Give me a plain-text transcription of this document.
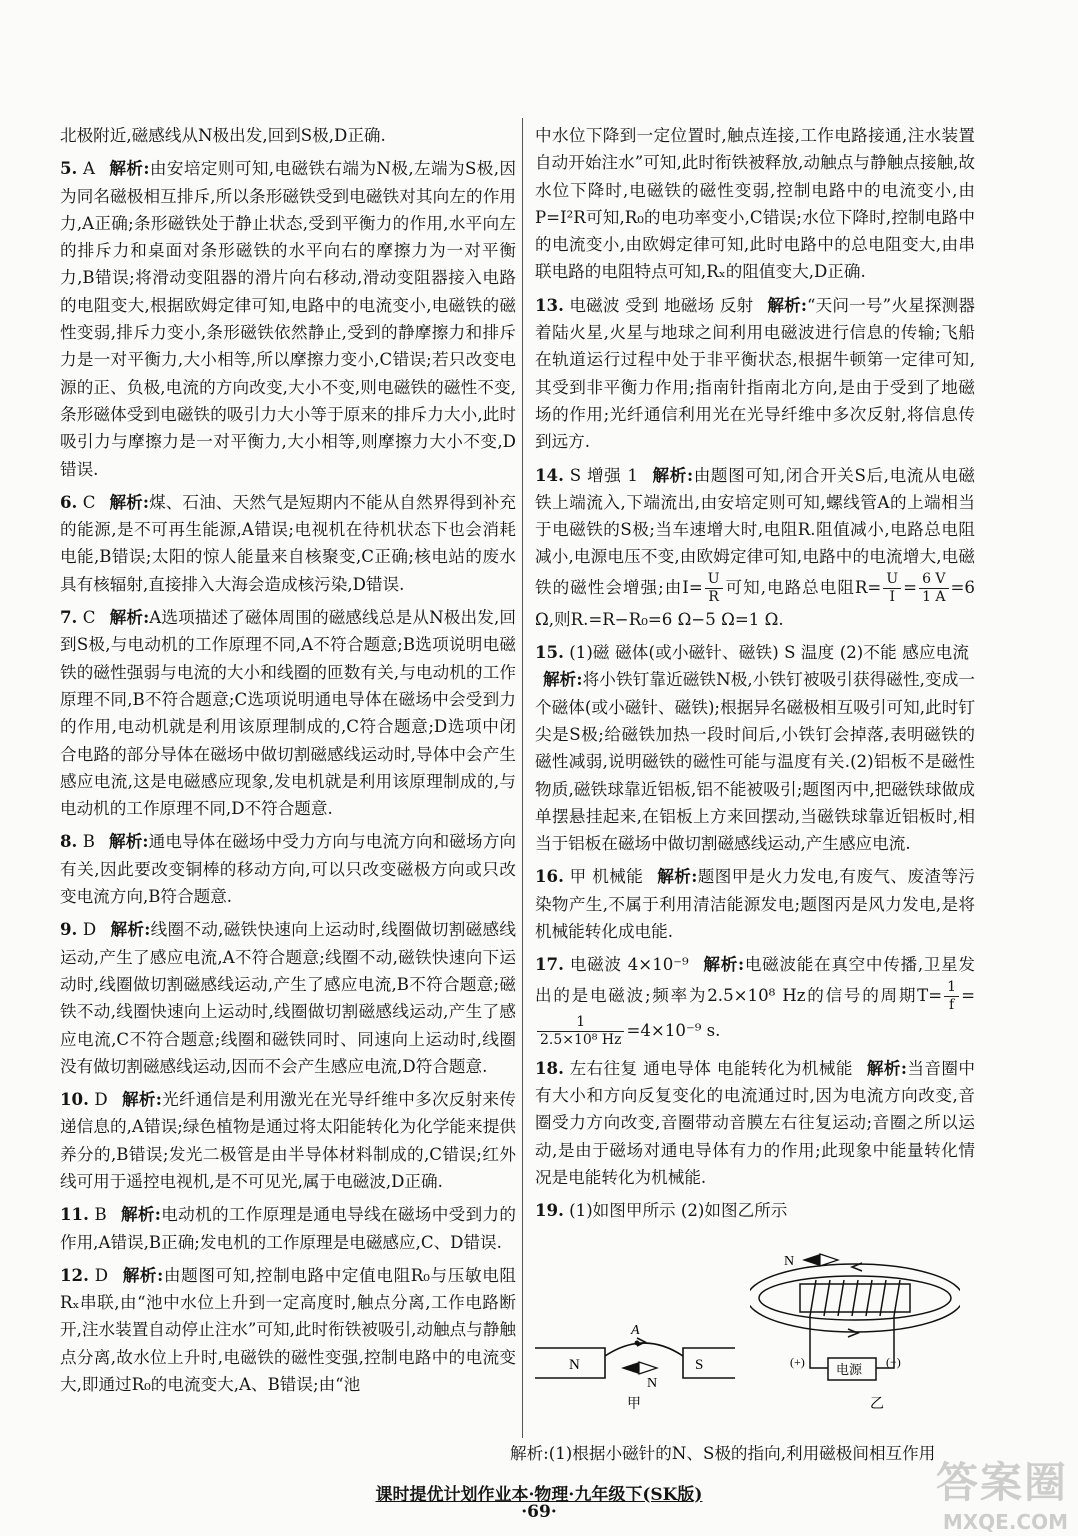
北极附近,磁感线从N极出发,回到S极,D正确.

5. A 解析:由安培定则可知,电磁铁右端为N极,左端为S极,因为同名磁极相互排斥,所以条形磁铁受到电磁铁对其向左的作用力,A正确;条形磁铁处于静止状态,受到平衡力的作用,水平向左的排斥力和桌面对条形磁铁的水平向右的摩擦力为一对平衡力,B错误;将滑动变阻器的滑片向右移动,滑动变阻器接入电路的电阻变大,根据欧姆定律可知,电路中的电流变小,电磁铁的磁性变弱,排斥力变小,条形磁铁依然静止,受到的静摩擦力和排斥力是一对平衡力,大小相等,所以摩擦力变小,C错误;若只改变电源的正、负极,电流的方向改变,大小不变,则电磁铁的磁性不变,条形磁体受到电磁铁的吸引力大小等于原来的排斥力大小,此时吸引力与摩擦力是一对平衡力,大小相等,则摩擦力大小不变,D错误.

6. C 解析:煤、石油、天然气是短期内不能从自然界得到补充的能源,是不可再生能源,A错误;电视机在待机状态下也会消耗电能,B错误;太阳的惊人能量来自核聚变,C正确;核电站的废水具有核辐射,直接排入大海会造成核污染,D错误.

7. C 解析:A选项描述了磁体周围的磁感线总是从N极出发,回到S极,与电动机的工作原理不同,A不符合题意;B选项说明电磁铁的磁性强弱与电流的大小和线圈的匝数有关,与电动机的工作原理不同,B不符合题意;C选项说明通电导体在磁场中会受到力的作用,电动机就是利用该原理制成的,C符合题意;D选项中闭合电路的部分导体在磁场中做切割磁感线运动时,导体中会产生感应电流,这是电磁感应现象,发电机就是利用该原理制成的,与电动机的工作原理不同,D不符合题意.

8. B 解析:通电导体在磁场中受力方向与电流方向和磁场方向有关,因此要改变铜棒的移动方向,可以只改变磁极方向或只改变电流方向,B符合题意.

9. D 解析:线圈不动,磁铁快速向上运动时,线圈做切割磁感线运动,产生了感应电流,A不符合题意;线圈不动,磁铁快速向下运动时,线圈做切割磁感线运动,产生了感应电流,B不符合题意;磁铁不动,线圈快速向上运动时,线圈做切割磁感线运动,产生了感应电流,C不符合题意;线圈和磁铁同时、同速向上运动时,线圈没有做切割磁感线运动,因而不会产生感应电流,D符合题意.

10. D 解析:光纤通信是利用激光在光导纤维中多次反射来传递信息的,A错误;绿色植物是通过将太阳能转化为化学能来提供养分的,B错误;发光二极管是由半导体材料制成的,C错误;红外线可用于遥控电视机,是不可见光,属于电磁波,D正确.

11. B 解析:电动机的工作原理是通电导线在磁场中受到力的作用,A错误,B正确;发电机的工作原理是电磁感应,C、D错误.

12. D 解析:由题图可知,控制电路中定值电阻R₀与压敏电阻Rₓ串联,由“池中水位上升到一定高度时,触点分离,工作电路断开,注水装置自动停止注水”可知,此时衔铁被吸引,动触点与静触点分离,故水位上升时,电磁铁的磁性变强,控制电路中的电流变大,即通过R₀的电流变大,A、B错误;由“池

中水位下降到一定位置时,触点连接,工作电路接通,注水装置自动开始注水”可知,此时衔铁被释放,动触点与静触点接触,故水位下降时,电磁铁的磁性变弱,控制电路中的电流变小,由P=I²R可知,R₀的电功率变小,C错误;水位下降时,控制电路中的电流变小,由欧姆定律可知,此时电路中的总电阻变大,由串联电路的电阻特点可知,Rₓ的阻值变大,D正确.

13. 电磁波 受到 地磁场 反射 解析:“天问一号”火星探测器着陆火星,火星与地球之间利用电磁波进行信息的传输;飞船在轨道运行过程中处于非平衡状态,根据牛顿第一定律可知,其受到非平衡力作用;指南针指南北方向,是由于受到了地磁场的作用;光纤通信利用光在光导纤维中多次反射,将信息传到远方.

14. S 增强 1 解析:由题图可知,闭合开关S后,电流从电磁铁上端流入,下端流出,由安培定则可知,螺线管A的上端相当于电磁铁的S极;当车速增大时,电阻R.阻值减小,电路总电阻减小,电源电压不变,由欧姆定律可知,电路中的电流增大,电磁铁的磁性会增强;由$I= \frac{U}{R}$ 可知,电路总电阻$R= \frac{U}{I} = \frac{6 V}{1 A} =6$ Ω,则R.=R−R₀=6 Ω−5 Ω=1 Ω.

15. (1)磁 磁体(或小磁针、磁铁) S 温度 (2)不能 感应电流解析:将小铁钉靠近磁铁N极,小铁钉被吸引获得磁性,变成一个磁体(或小磁针、磁铁);根据异名磁极相互吸引可知,此时钉尖是S极;给磁铁加热一段时间后,小铁钉会掉落,表明磁铁的磁性减弱,说明磁铁的磁性可能与温度有关.(2)铝板不是磁性物质,磁铁球靠近铝板,铝不能被吸引;题图丙中,把磁铁球做成单摆悬挂起来,在铝板上方来回摆动,当磁铁球靠近铝板时,相当于铝板在磁场中做切割磁感线运动,产生感应电流.

16. 甲 机械能 解析:题图甲是火力发电,有废气、废渣等污染物产生,不属于利用清洁能源发电;题图丙是风力发电,是将机械能转化成电能.

17. 电磁波 4×10⁻⁹ 解析:电磁波能在真空中传播,卫星发出的是电磁波;频率为2.5×10⁸ Hz的信号的周期$T= \frac{1}{f}$ =
$\frac{1}{\text{2.5×10⁸ Hz}} =4\times 10^{-9}$ s.

18. 左右往复 通电导体 电能转化为机械能 解析:当音圈中有大小和方向反复变化的电流通过时,因为电流方向改变,音圈受力方向改变,音圈带动音膜左右往复运动;音圈之所以运动,是由于磁场对通电导体有力的作用;此现象中能量转化情况是电能转化为机械能.

19. (1)如图甲所示 (2)如图乙所示

A
N	S
N
甲
N
(+)	(−)
电源
乙
解析:(1)根据小磁针的N、S极的指向,利用磁极间相互作用
课时提优计划作业本·物理·九年级下(SK版)
·69·
答案圈
MXQE.COM
